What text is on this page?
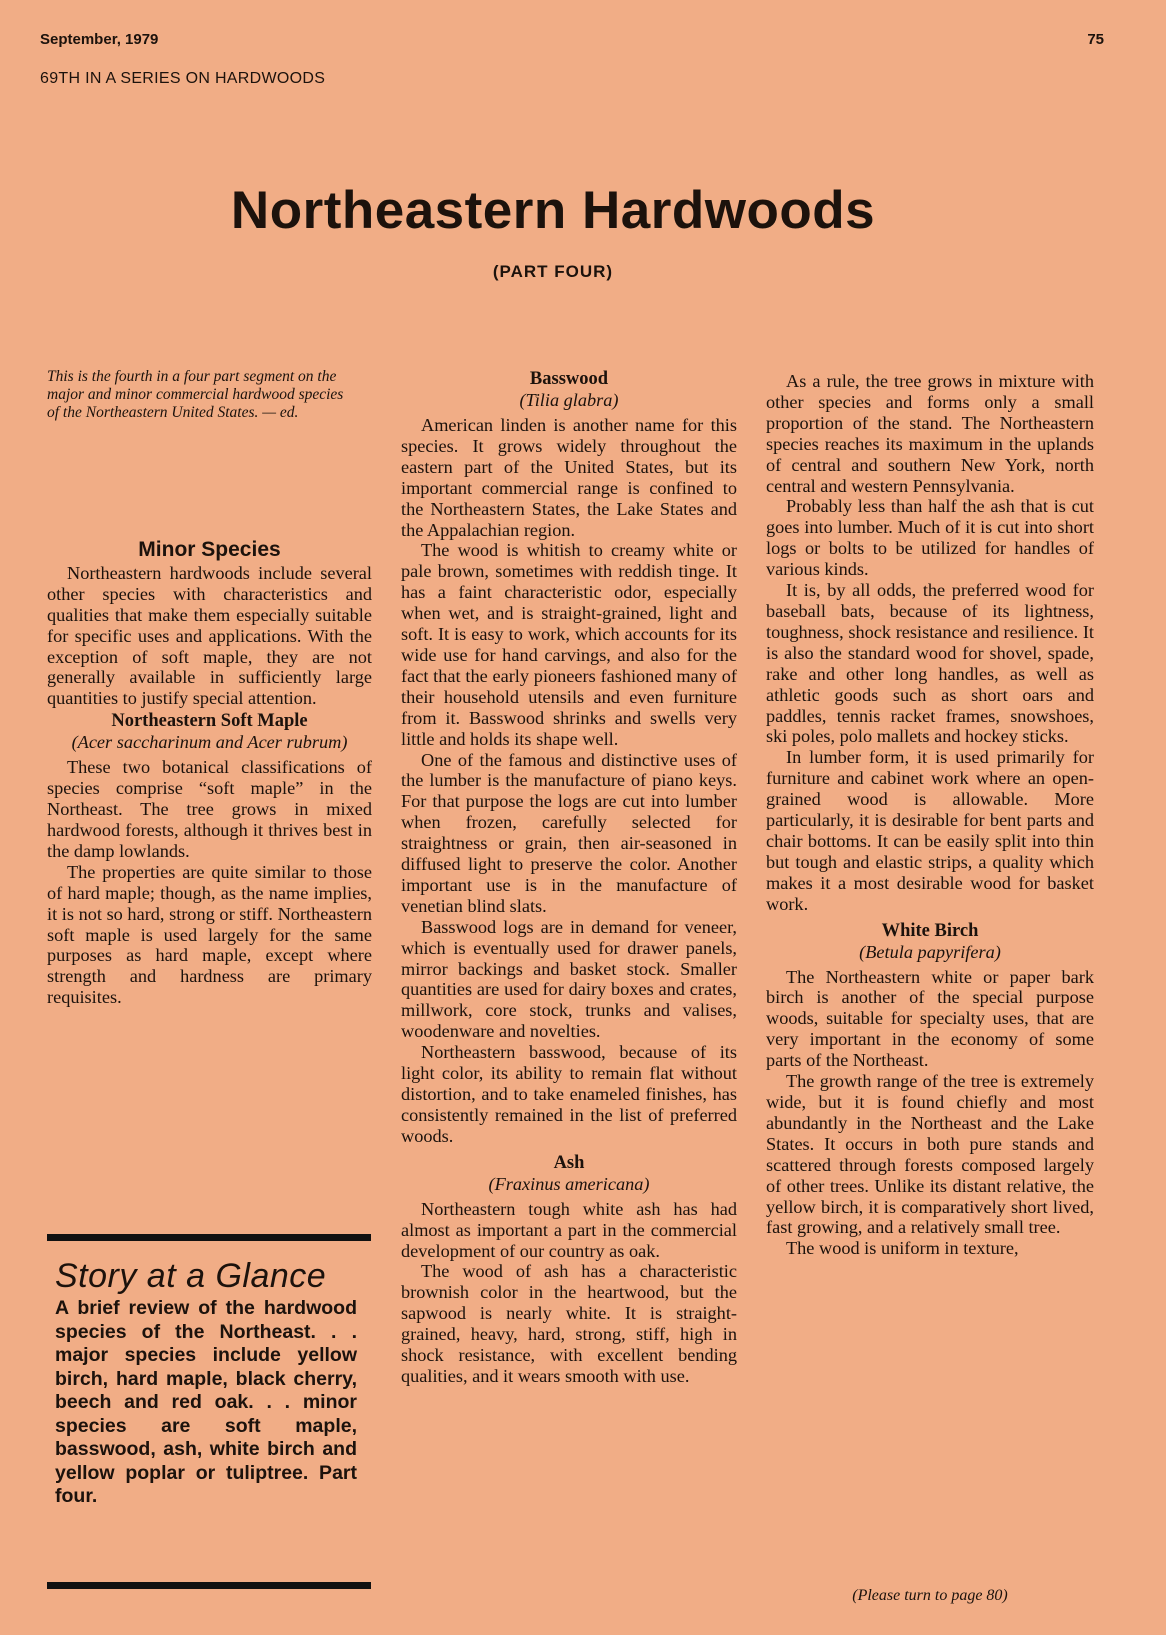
September, 1979	75
69TH IN A SERIES ON HARDWOODS
Northeastern Hardwoods
(PART FOUR)

This is the fourth in a four part segment on the major and minor commercial hardwood species of the Northeastern United States. — ed.

Minor Species

Northeastern hardwoods include several other species with characteristics and qualities that make them especially suitable for specific uses and applications. With the exception of soft maple, they are not generally available in sufficiently large quantities to justify special attention.

Northeastern Soft Maple
(Acer saccharinum and Acer rubrum)

These two botanical classifications of species comprise “soft maple” in the Northeast. The tree grows in mixed hardwood forests, although it thrives best in the damp lowlands.

The properties are quite similar to those of hard maple; though, as the name implies, it is not so hard, strong or stiff. Northeastern soft maple is used largely for the same purposes as hard maple, except where strength and hardness are primary requisites.

Story at a Glance
A brief review of the hardwood species of the Northeast. . . major species include yellow birch, hard maple, black cherry, beech and red oak. . . minor species are soft maple, basswood, ash, white birch and yellow poplar or tuliptree. Part four.
Basswood
(Tilia glabra)

American linden is another name for this species. It grows widely throughout the eastern part of the United States, but its important commercial range is confined to the Northeastern States, the Lake States and the Appalachian region.

The wood is whitish to creamy white or pale brown, sometimes with reddish tinge. It has a faint characteristic odor, especially when wet, and is straight-grained, light and soft. It is easy to work, which accounts for its wide use for hand carvings, and also for the fact that the early pioneers fashioned many of their household utensils and even furniture from it. Basswood shrinks and swells very little and holds its shape well.

One of the famous and distinctive uses of the lumber is the manufacture of piano keys. For that purpose the logs are cut into lumber when frozen, carefully selected for straightness or grain, then air-seasoned in diffused light to preserve the color. Another important use is in the manufacture of venetian blind slats.

Basswood logs are in demand for veneer, which is eventually used for drawer panels, mirror backings and basket stock. Smaller quantities are used for dairy boxes and crates, millwork, core stock, trunks and valises, woodenware and novelties.

Northeastern basswood, because of its light color, its ability to remain flat without distortion, and to take enameled finishes, has consistently remained in the list of preferred woods.

Ash
(Fraxinus americana)

Northeastern tough white ash has had almost as important a part in the commercial development of our country as oak.

The wood of ash has a characteristic brownish color in the heartwood, but the sapwood is nearly white. It is straight-grained, heavy, hard, strong, stiff, high in shock resistance, with excellent bending qualities, and it wears smooth with use.

As a rule, the tree grows in mixture with other species and forms only a small proportion of the stand. The Northeastern species reaches its maximum in the uplands of central and southern New York, north central and western Pennsylvania.

Probably less than half the ash that is cut goes into lumber. Much of it is cut into short logs or bolts to be utilized for handles of various kinds.

It is, by all odds, the preferred wood for baseball bats, because of its lightness, toughness, shock resistance and resilience. It is also the standard wood for shovel, spade, rake and other long handles, as well as athletic goods such as short oars and paddles, tennis racket frames, snowshoes, ski poles, polo mallets and hockey sticks.

In lumber form, it is used primarily for furniture and cabinet work where an open-grained wood is allowable. More particularly, it is desirable for bent parts and chair bottoms. It can be easily split into thin but tough and elastic strips, a quality which makes it a most desirable wood for basket work.

White Birch
(Betula papyrifera)

The Northeastern white or paper bark birch is another of the special purpose woods, suitable for specialty uses, that are very important in the economy of some parts of the Northeast.

The growth range of the tree is extremely wide, but it is found chiefly and most abundantly in the Northeast and the Lake States. It occurs in both pure stands and scattered through forests composed largely of other trees. Unlike its distant relative, the yellow birch, it is comparatively short lived, fast growing, and a relatively small tree.

The wood is uniform in texture,

(Please turn to page 80)
